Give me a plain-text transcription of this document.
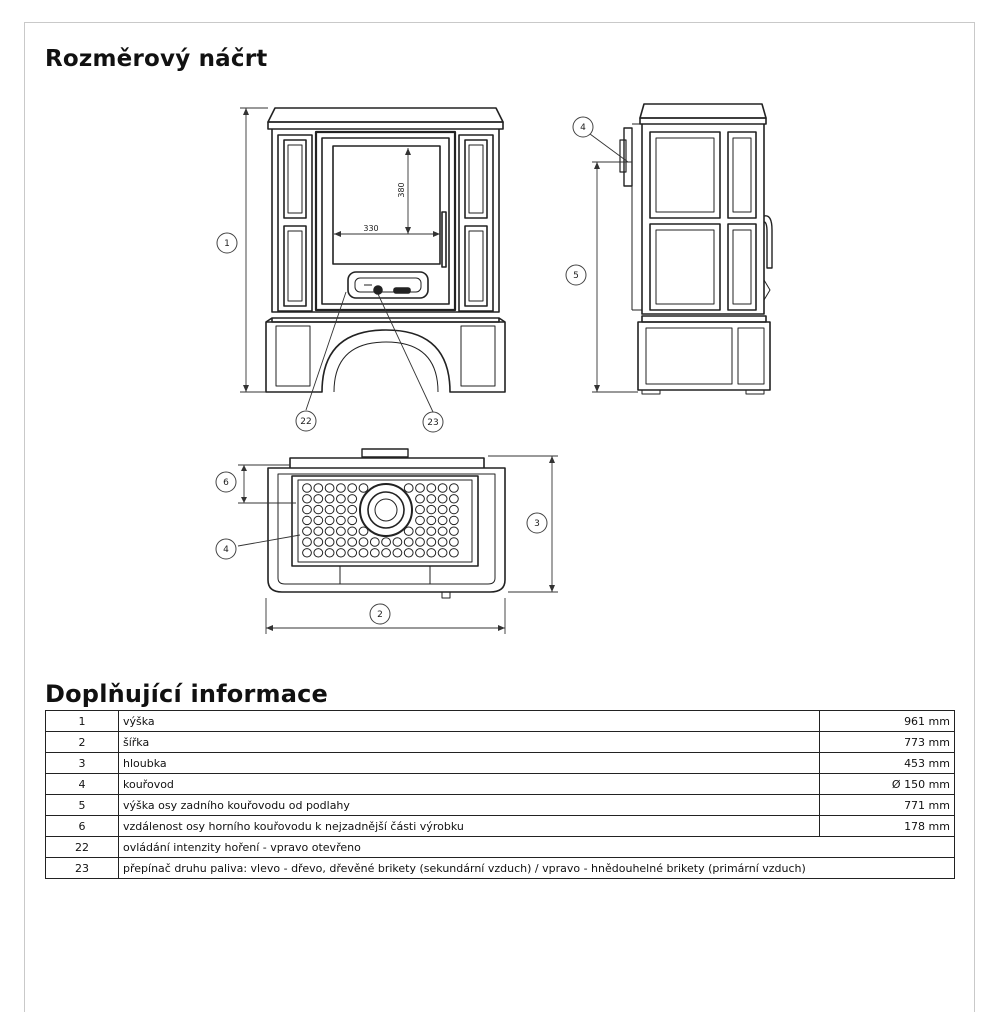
Rozměrový náčrt
1
22	23
4
5
6
4
3
2
330
380
Doplňující informace
1	výška	961 mm
2	šířka	773 mm
3	hloubka	453 mm
4	kouřovod	Ø 150 mm
5	výška osy zadního kouřovodu od podlahy	771 mm
6	vzdálenost osy horního kouřovodu k nejzadnější části výrobku	178 mm
22	ovládání intenzity hoření - vpravo otevřeno	
23	přepínač druhu paliva: vlevo - dřevo, dřevěné brikety (sekundární vzduch) / vpravo - hnědouhelné brikety (primární vzduch)	
